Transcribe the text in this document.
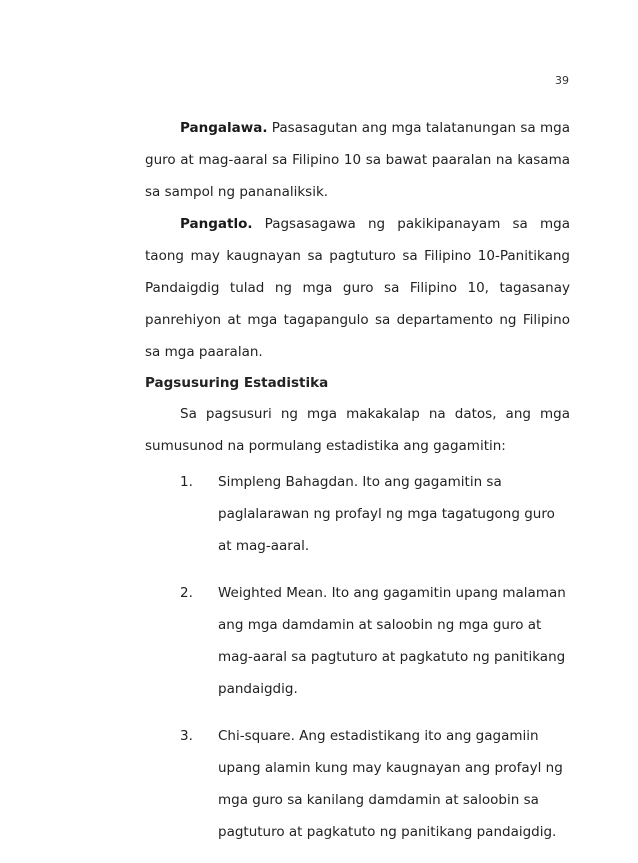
39

Pangalawa. Pasasagutan ang mga talatanungan sa mga guro at mag-aaral sa Filipino 10 sa bawat paaralan na kasama sa sampol ng pananaliksik.

Pangatlo. Pagsasagawa ng pakikipanayam sa mga taong may kaugnayan sa pagtuturo sa Filipino 10-Panitikang Pandaigdig tulad ng mga guro sa Filipino 10, tagasanay panrehiyon at mga tagapangulo sa departamento ng Filipino sa mga paaralan.

Pagsusuring Estadistika

Sa pagsusuri ng mga makakalap na datos, ang mga sumusunod na pormulang estadistika ang gagamitin:

1.	Simpleng Bahagdan. Ito ang gagamitin sa paglalarawan ng profayl ng mga tagatugong guro at mag-aaral.
2.	Weighted Mean. Ito ang gagamitin upang malaman ang mga damdamin at saloobin ng mga guro at mag-aaral sa pagtuturo at pagkatuto ng panitikang pandaigdig.
3.	Chi-square. Ang estadistikang ito ang gagamiin upang alamin kung may kaugnayan ang profayl ng mga guro sa kanilang damdamin at saloobin sa pagtuturo at pagkatuto ng panitikang pandaigdig.
